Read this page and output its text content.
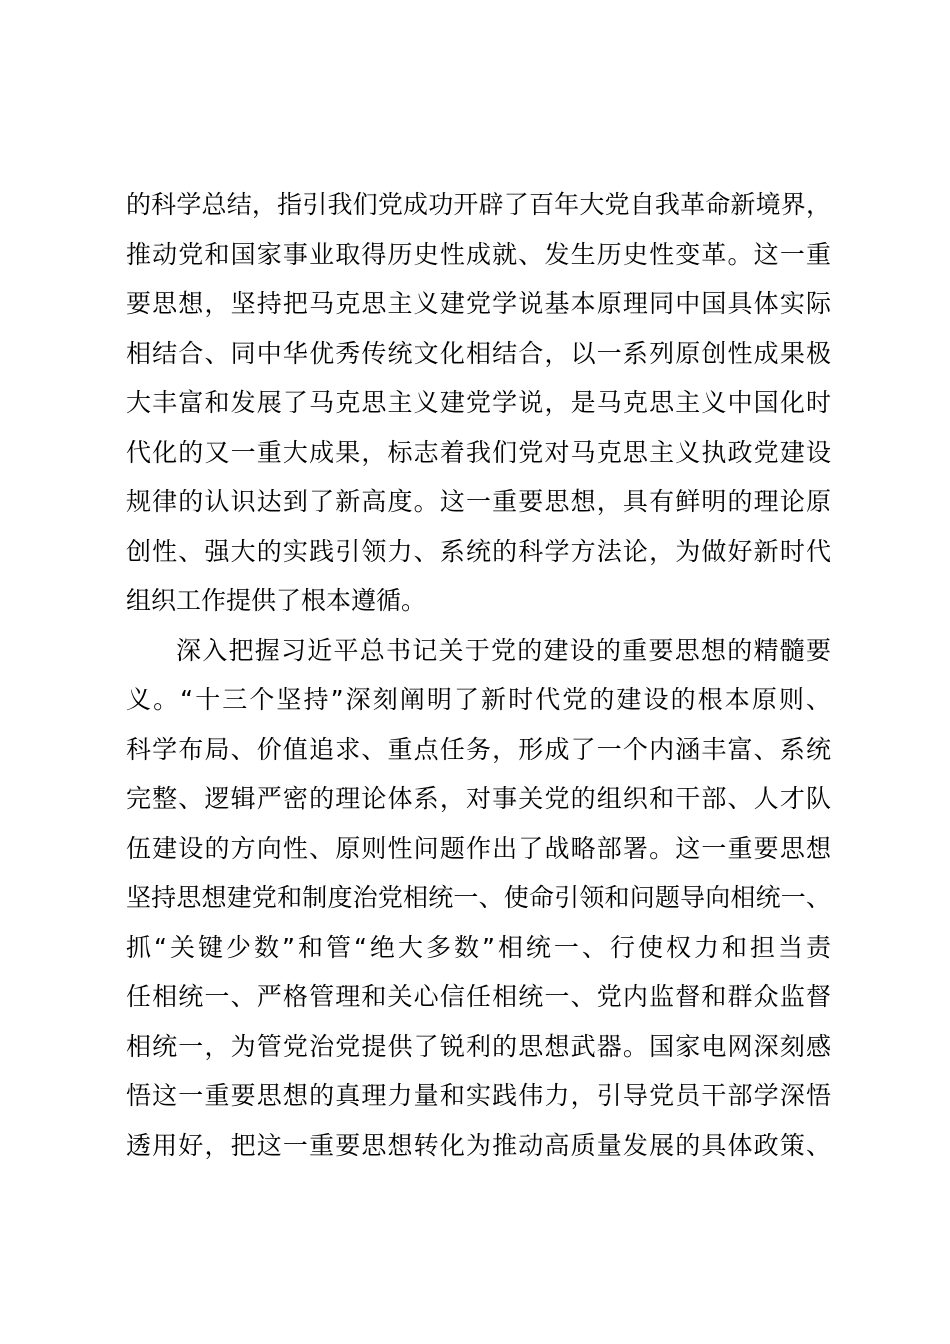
的科学总结，指引我们党成功开辟了百年大党自我革命新境界，
推动党和国家事业取得历史性成就、发生历史性变革。这一重
要思想，坚持把马克思主义建党学说基本原理同中国具体实际
相结合、同中华优秀传统文化相结合，以一系列原创性成果极
大丰富和发展了马克思主义建党学说，是马克思主义中国化时
代化的又一重大成果，标志着我们党对马克思主义执政党建设
规律的认识达到了新高度。这一重要思想，具有鲜明的理论原
创性、强大的实践引领力、系统的科学方法论，为做好新时代
组织工作提供了根本遵循。
深入把握习近平总书记关于党的建设的重要思想的精髓要
义。“十三个坚持”深刻阐明了新时代党的建设的根本原则、
科学布局、价值追求、重点任务，形成了一个内涵丰富、系统
完整、逻辑严密的理论体系，对事关党的组织和干部、人才队
伍建设的方向性、原则性问题作出了战略部署。这一重要思想
坚持思想建党和制度治党相统一、使命引领和问题导向相统一、
抓“关键少数”和管“绝大多数”相统一、行使权力和担当责
任相统一、严格管理和关心信任相统一、党内监督和群众监督
相统一，为管党治党提供了锐利的思想武器。国家电网深刻感
悟这一重要思想的真理力量和实践伟力，引导党员干部学深悟
透用好，把这一重要思想转化为推动高质量发展的具体政策、
